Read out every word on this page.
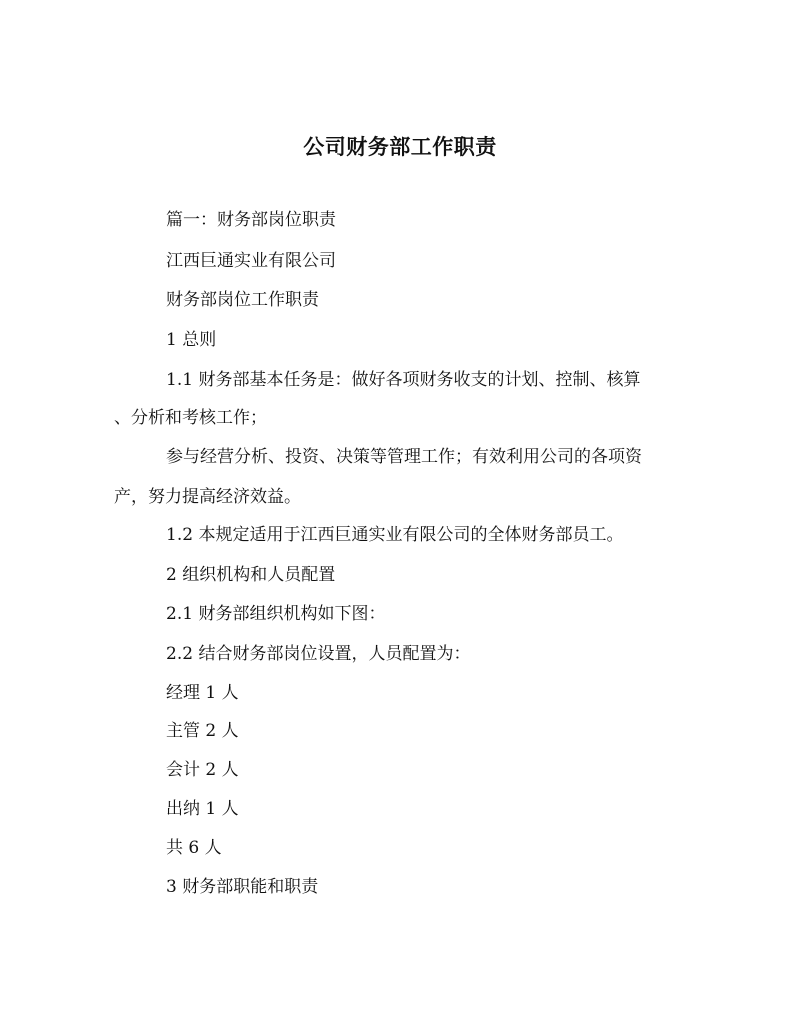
公司财务部工作职责
篇一：财务部岗位职责
江西巨通实业有限公司
财务部岗位工作职责
1 总则
1.1 财务部基本任务是：做好各项财务收支的计划、控制、核算
、分析和考核工作；
参与经营分析、投资、决策等管理工作；有效利用公司的各项资
产，努力提高经济效益。
1.2 本规定适用于江西巨通实业有限公司的全体财务部员工。
2 组织机构和人员配置
2.1 财务部组织机构如下图：
2.2 结合财务部岗位设置，人员配置为：
经理 1 人
主管 2 人
会计 2 人
出纳 1 人
共 6 人
3 财务部职能和职责
